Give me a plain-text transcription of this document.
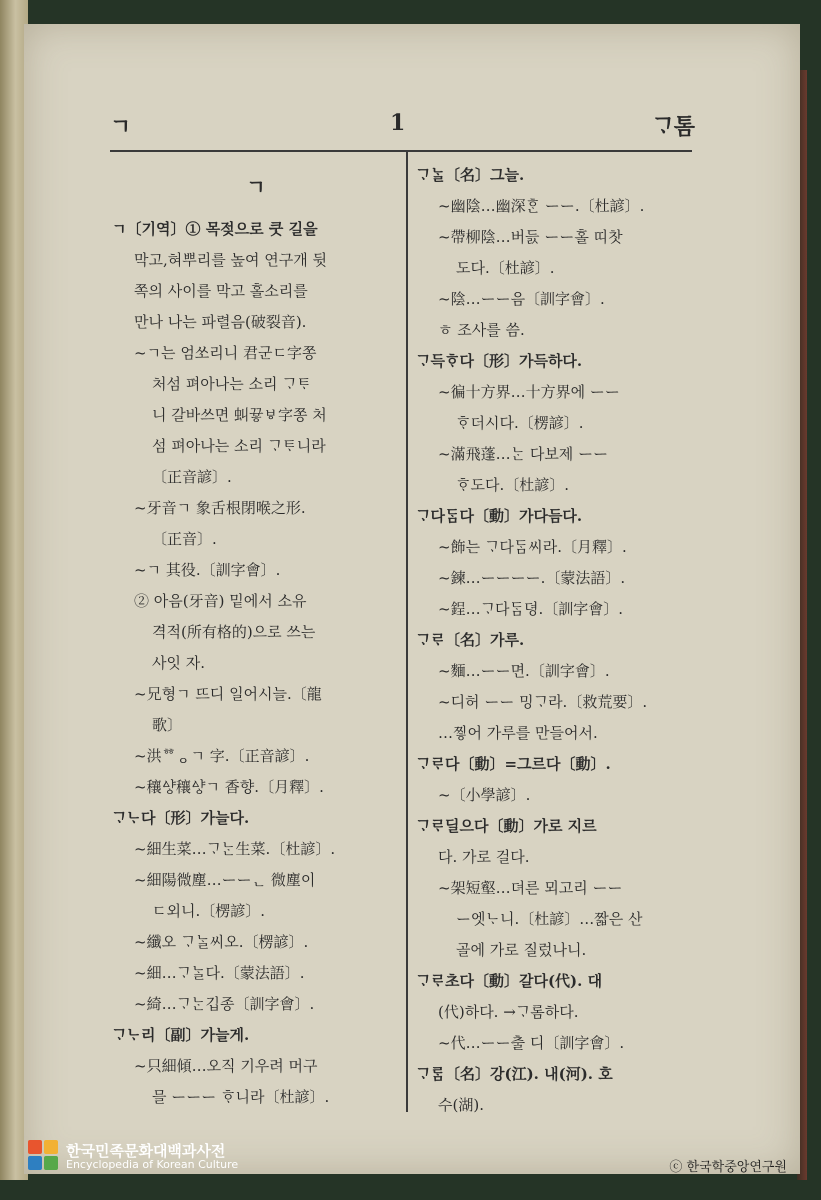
ㄱ	1	ᄀᆞ톰
ㄱ
ㄱ〔기역〕① 목젖으로 쿳 길을
막고,혀뿌리를 높여 연구개 뒷
쪽의 사이를 막고 홀소리를
만나 나는 파렬음(破裂音).
~ㄱ는 엄쏘리니 君군ㄷ字쫑
처섬 펴아나는 소리 ᄀᆞᄐᆞ
니 갈바쓰면 虯끃ㅸ字쫑 처
섬 펴아나는 소리 ᄀᆞᄐᆞ니라
〔正音諺〕.
~牙音ㄱ 象舌根閉喉之形.
〔正音〕.
~ㄱ 其役.〔訓字會〕.
② 아음(牙音) 밑에서 소유
격적(所有格的)으로 쓰는
사잇 자.
~兄형ㄱ 뜨디 일어시늘.〔龍
歌〕
~洪ᅘᆼㄱ 字.〔正音諺〕.
~穰ᅀᅣᇰ穰ᅀᅣᇰㄱ 香향.〔月釋〕.
ᄀᆞᄂᆞ다〔形〕가늘다.
~細生菜…ᄀᆞᄂᆞᆫ生菜.〔杜諺〕.
~細陽微塵…ーーᆫ 微塵이
ㄷ외니.〔楞諺〕.
~纖오 ᄀᆞᄂᆞᆯ씨오.〔楞諺〕.
~細…ᄀᆞᄂᆞᆯ다.〔蒙法語〕.
~綺…ᄀᆞᄂᆞᆫ깁종〔訓字會〕.
ᄀᆞᄂᆞ리〔副〕가늘게.
~只細傾…오직 기우려 머구
믈 ーーー ᄒᆞ니라〔杜諺〕.
ᄀᆞᄂᆞᆯ〔名〕그늘.
~幽陰…幽深ᄒᆞᆫ ーー.〔杜諺〕.
~帶柳陰…버듨 ーー홀 띠찻
도다.〔杜諺〕.
~陰…ーー음〔訓字會〕.
ㅎ 조사를 씀.
ᄀᆞ득ᄒᆞ다〔形〕가득하다.
~徧十方界…十方界에 ーー
ᄒᆞ더시다.〔楞諺〕.
~滿飛蓬…ᄂᆞᆫ 다보제 ーー
ᄒᆞ도다.〔杜諺〕.
ᄀᆞ다ᄃᆞᆷ다〔動〕가다듬다.
~飾는 ᄀᆞ다ᄃᆞᆷ씨라.〔月釋〕.
~鍊…ーーーー.〔蒙法語〕.
~鋥…ᄀᆞ다ᄃᆞᆷ뎡.〔訓字會〕.
ᄀᆞᄅᆞ〔名〕가루.
~麵…ーー면.〔訓字會〕.
~디허 ーー 밍ᄀᆞ라.〔救荒要〕.
…찧어 가루를 만들어서.
ᄀᆞᄅᆞ다〔動〕=그르다〔動〕.
~〔小學諺〕.
ᄀᆞᄅᆞ딜으다〔動〕가로 지르
다. 가로 걸다.
~架短壑…뎌른 뫼고리 ーー
ー엣ᄂᆞ니.〔杜諺〕…짧은 산
골에 가로 질렀나니.
ᄀᆞᄅᆞ초다〔動〕갈다(代). 대
(代)하다. →ᄀᆞ롬하다.
~代…ーー출 디〔訓字會〕.
ᄀᆞᄅᆞᆷ〔名〕강(江). 내(河). 호
수(湖).
한국민족문화대백과사전
Encyclopedia of Korean Culture	ⓒ 한국학중앙연구원
